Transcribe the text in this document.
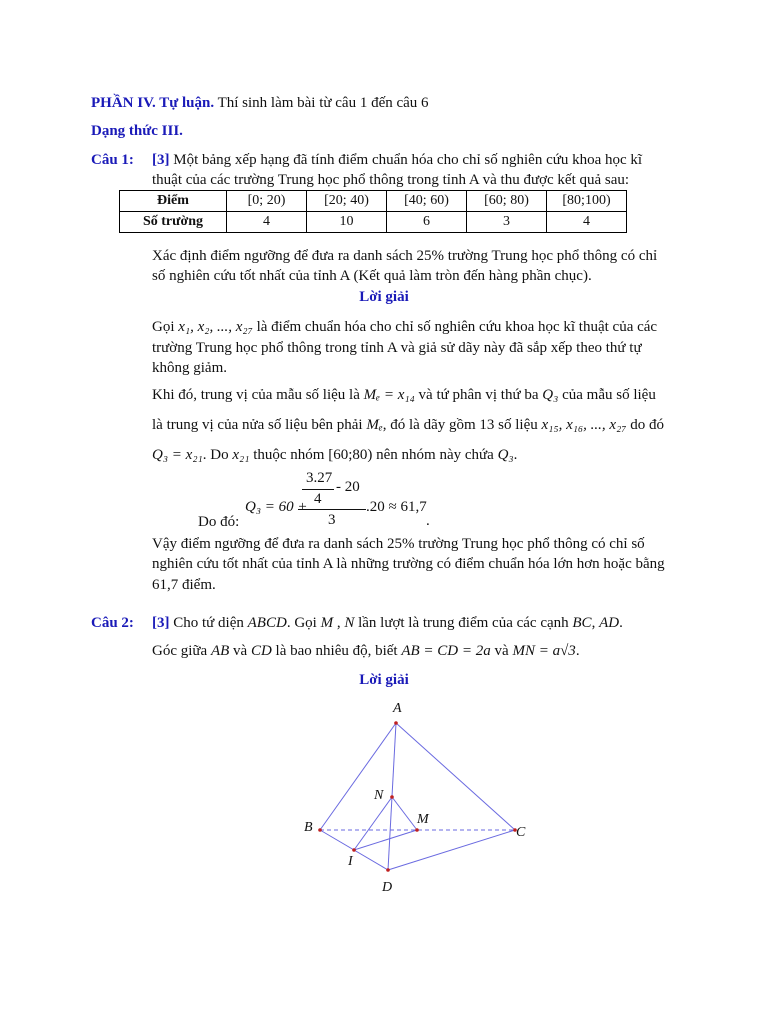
PHẦN IV. Tự luận. Thí sinh làm bài từ câu 1 đến câu 6
Dạng thức III.
Câu 1: [3] Một bảng xếp hạng đã tính điểm chuẩn hóa cho chỉ số nghiên cứu khoa học kĩ
thuật của các trường Trung học phổ thông trong tỉnh A và thu được kết quả sau:
Điểm	[0; 20)	[20; 40)	[40; 60)	[60; 80)	[80;100)
Số trường	4	10	6	3	4
Xác định điểm ngưỡng để đưa ra danh sách 25% trường Trung học phổ thông có chỉ
số nghiên cứu tốt nhất của tỉnh A (Kết quả làm tròn đến hàng phần chục).
Lời giải
Gọi x₁, x₂, ..., x₂₇ là điểm chuẩn hóa cho chỉ số nghiên cứu khoa học kĩ thuật của các
trường Trung học phổ thông trong tỉnh A và giả sử dãy này đã sắp xếp theo thứ tự
không giảm.
Khi đó, trung vị của mẫu số liệu là Mₑ = x₁₄ và tứ phân vị thứ ba Q₃ của mẫu số liệu
là trung vị của nửa số liệu bên phải Mₑ, đó là dãy gồm 13 số liệu x₁₅, x₁₆, ..., x₂₇ do đó
Q₃ = x₂₁. Do x₂₁ thuộc nhóm [60;80) nên nhóm này chứa Q₃.
Do đó:
Q₃ = 60 +
3.27
4
- 20
3
.20 ≈ 61,7
.
Vậy điểm ngưỡng để đưa ra danh sách 25% trường Trung học phổ thông có chỉ số
nghiên cứu tốt nhất của tỉnh A là những trường có điểm chuẩn hóa lớn hơn hoặc bằng
61,7 điểm.
Câu 2: [3] Cho tứ diện ABCD. Gọi M , N lần lượt là trung điểm của các cạnh BC, AD.
Góc giữa AB và CD là bao nhiêu độ, biết AB = CD = 2a và MN = a√3.
Lời giải
A
B	C
D
M
N
I
